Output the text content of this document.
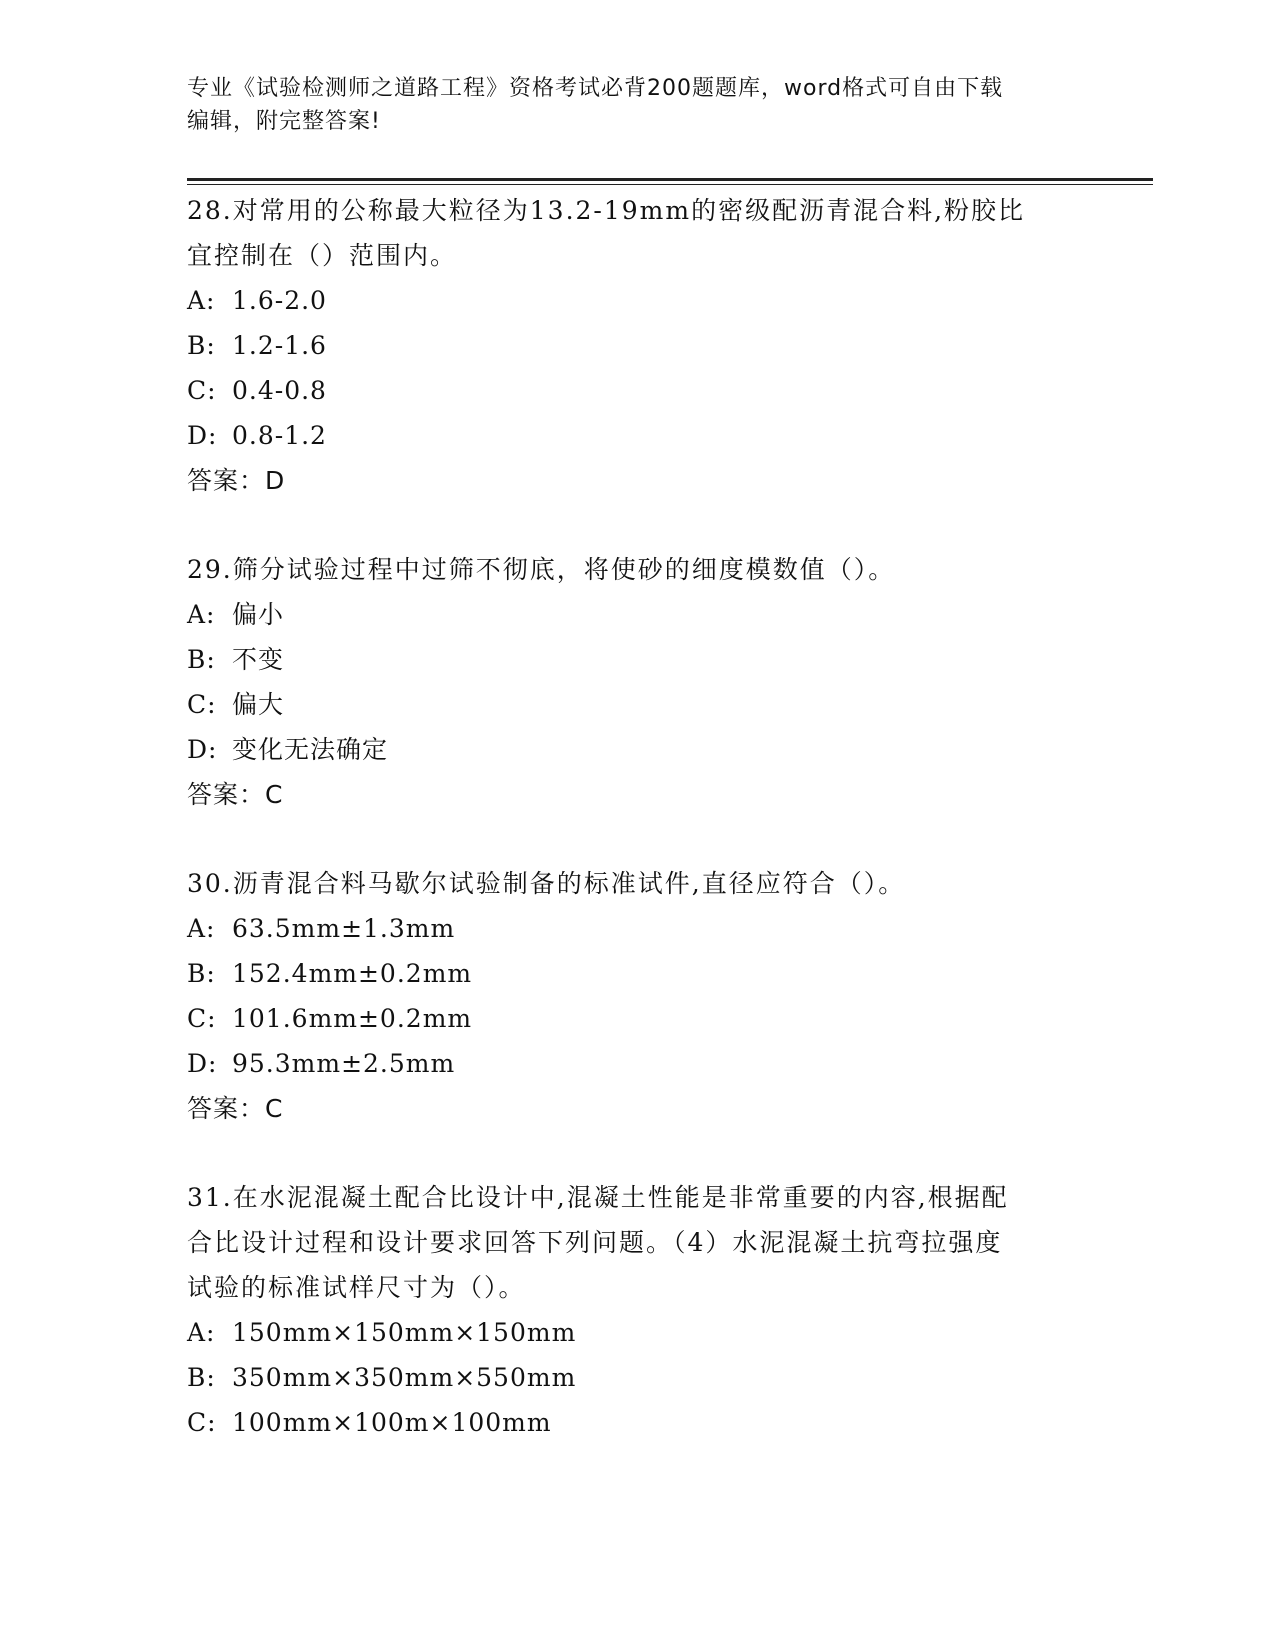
专业《试验检测师之道路工程》资格考试必背200题题库，word格式可自由下载
编辑，附完整答案!
28.对常用的公称最大粒径为13.2-19mm的密级配沥青混合料,粉胶比
宜控制在（）范围内。
A: 1.6-2.0
B: 1.2-1.6
C: 0.4-0.8
D: 0.8-1.2
答案：D
29.筛分试验过程中过筛不彻底，将使砂的细度模数值（）。
A: 偏小
B: 不变
C: 偏大
D: 变化无法确定
答案：C
30.沥青混合料马歇尔试验制备的标准试件,直径应符合（）。
A: 63.5mm±1.3mm
B: 152.4mm±0.2mm
C: 101.6mm±0.2mm
D: 95.3mm±2.5mm
答案：C
31.在水泥混凝土配合比设计中,混凝土性能是非常重要的内容,根据配
合比设计过程和设计要求回答下列问题。（4）水泥混凝土抗弯拉强度
试验的标准试样尺寸为（）。
A: 150mm×150mm×150mm
B: 350mm×350mm×550mm
C: 100mm×100m×100mm
